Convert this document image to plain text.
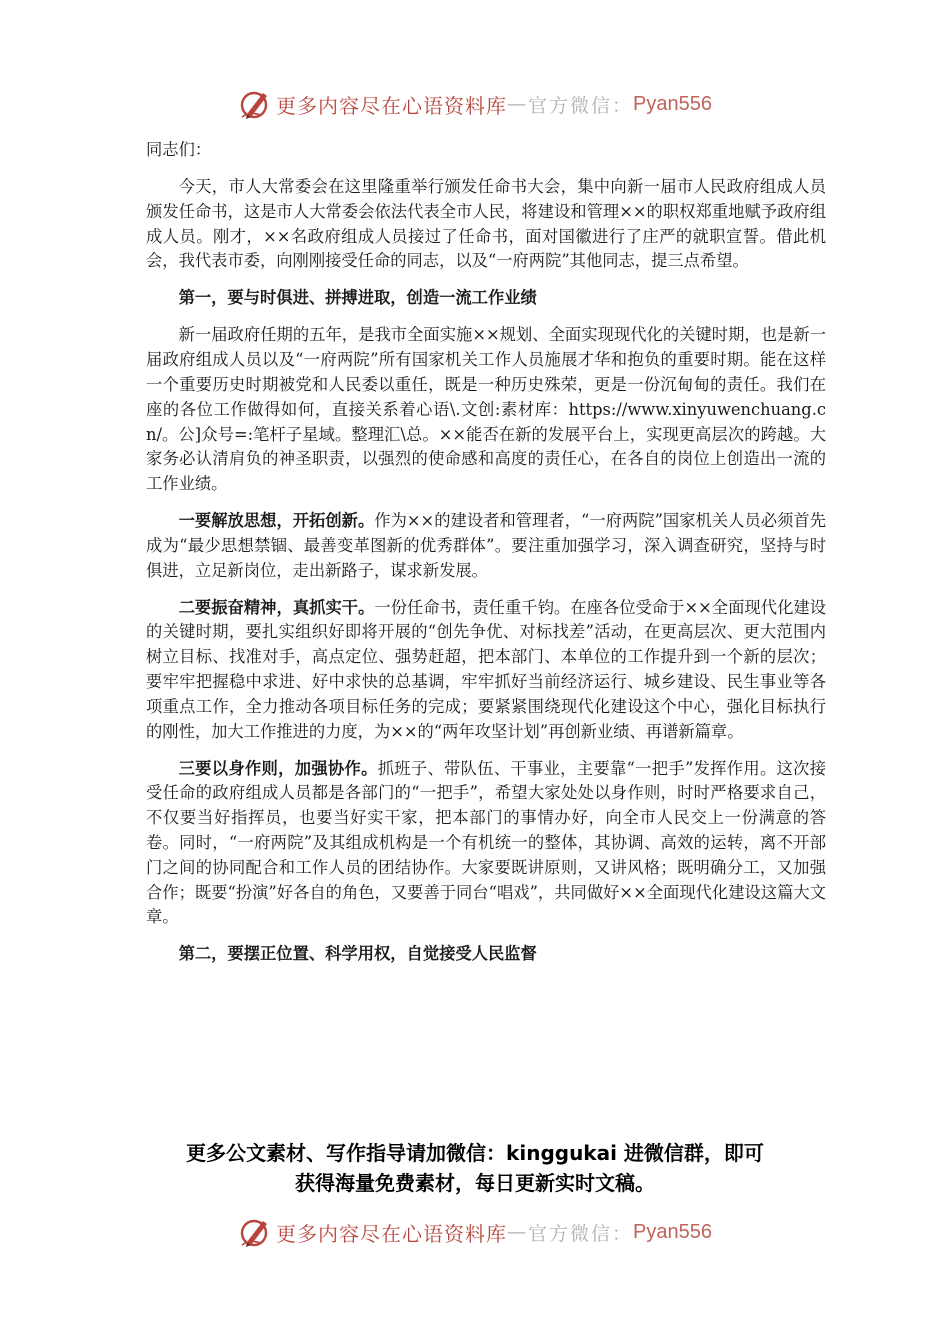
更多内容尽在心语资料库 — 官方微信： Pyan556

同志们：

今天，市人大常委会在这里隆重举行颁发任命书大会，集中向新一届市人民政府组成人员颁发任命书，这是市人大常委会依法代表全市人民，将建设和管理××的职权郑重地赋予政府组成人员。刚才，××名政府组成人员接过了任命书，面对国徽进行了庄严的就职宣誓。借此机会，我代表市委，向刚刚接受任命的同志，以及“一府两院”其他同志，提三点希望。

第一，要与时俱进、拼搏进取，创造一流工作业绩

新一届政府任期的五年，是我市全面实施××规划、全面实现现代化的关键时期，也是新一届政府组成人员以及“一府两院”所有国家机关工作人员施展才华和抱负的重要时期。能在这样一个重要历史时期被党和人民委以重任，既是一种历史殊荣，更是一份沉甸甸的责任。我们在座的各位工作做得如何，直接关系着心语\.文创:素材库：https://www.xinyuwenchuang.cn/。公]众号=:笔杆子星域。整理汇\总。××能否在新的发展平台上，实现更高层次的跨越。大家务必认清肩负的神圣职责，以强烈的使命感和高度的责任心，在各自的岗位上创造出一流的工作业绩。

一要解放思想，开拓创新。作为××的建设者和管理者，“一府两院”国家机关人员必须首先成为“最少思想禁锢、最善变革图新的优秀群体”。要注重加强学习，深入调查研究，坚持与时俱进，立足新岗位，走出新路子，谋求新发展。

二要振奋精神，真抓实干。一份任命书，责任重千钧。在座各位受命于××全面现代化建设的关键时期，要扎实组织好即将开展的“创先争优、对标找差”活动，在更高层次、更大范围内树立目标、找准对手，高点定位、强势赶超，把本部门、本单位的工作提升到一个新的层次；要牢牢把握稳中求进、好中求快的总基调，牢牢抓好当前经济运行、城乡建设、民生事业等各项重点工作，全力推动各项目标任务的完成；要紧紧围绕现代化建设这个中心，强化目标执行的刚性，加大工作推进的力度，为××的“两年攻坚计划”再创新业绩、再谱新篇章。

三要以身作则，加强协作。抓班子、带队伍、干事业，主要靠“一把手”发挥作用。这次接受任命的政府组成人员都是各部门的“一把手”，希望大家处处以身作则，时时严格要求自己，不仅要当好指挥员，也要当好实干家，把本部门的事情办好，向全市人民交上一份满意的答卷。同时，“一府两院”及其组成机构是一个有机统一的整体，其协调、高效的运转，离不开部门之间的协同配合和工作人员的团结协作。大家要既讲原则，又讲风格；既明确分工，又加强合作；既要“扮演”好各自的角色，又要善于同台“唱戏”，共同做好××全面现代化建设这篇大文章。

第二，要摆正位置、科学用权，自觉接受人民监督

更多公文素材、写作指导请加微信：kinggukai 进微信群，即可
获得海量免费素材，每日更新实时文稿。
更多内容尽在心语资料库 — 官方微信： Pyan556
